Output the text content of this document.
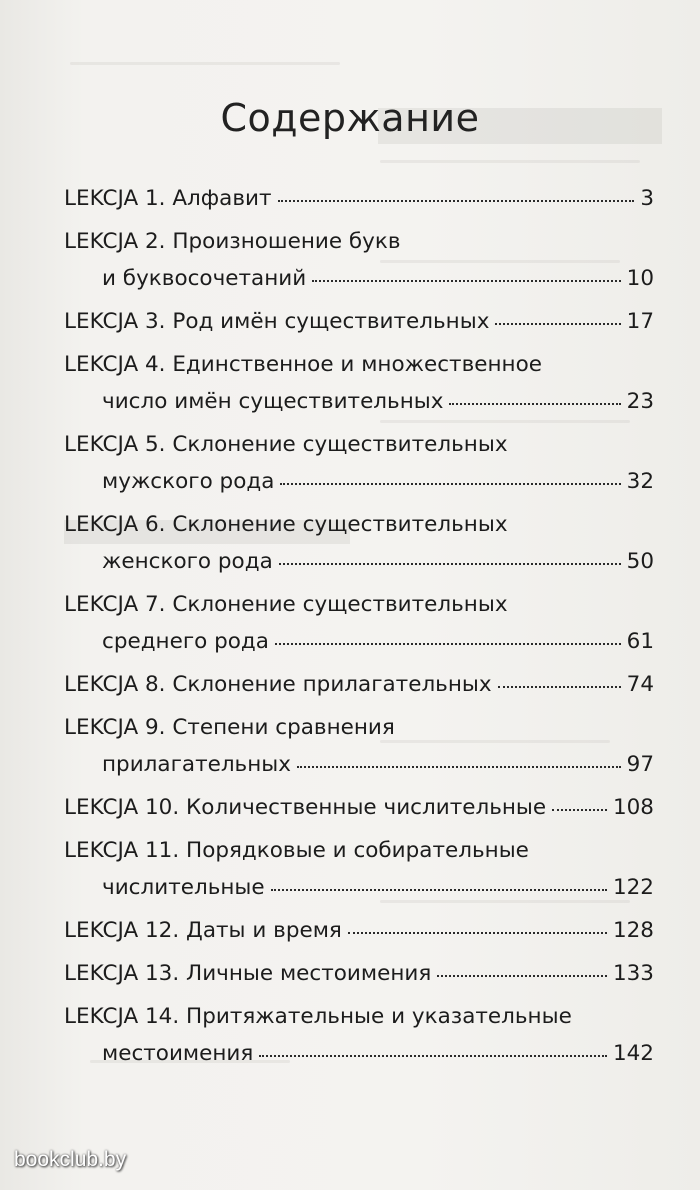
Содержание
LEKCJA 1. Алфавит	3
LEKCJA 2. Произношение букв
и буквосочетаний	10
LEKCJA 3. Род имён существительных	17
LEKCJA 4. Единственное и множественное
число имён существительных	23
LEKCJA 5. Склонение существительных
мужского рода	32
LEKCJA 6. Склонение существительных
женского рода	50
LEKCJA 7. Склонение существительных
среднего рода	61
LEKCJA 8. Склонение прилагательных	74
LEKCJA 9. Степени сравнения
прилагательных	97
LEKCJA 10. Количественные числительные	108
LEKCJA 11. Порядковые и собирательные
числительные	122
LEKCJA 12. Даты и время	128
LEKCJA 13. Личные местоимения	133
LEKCJA 14. Притяжательные и указательные
местоимения	142
bookclub.by
